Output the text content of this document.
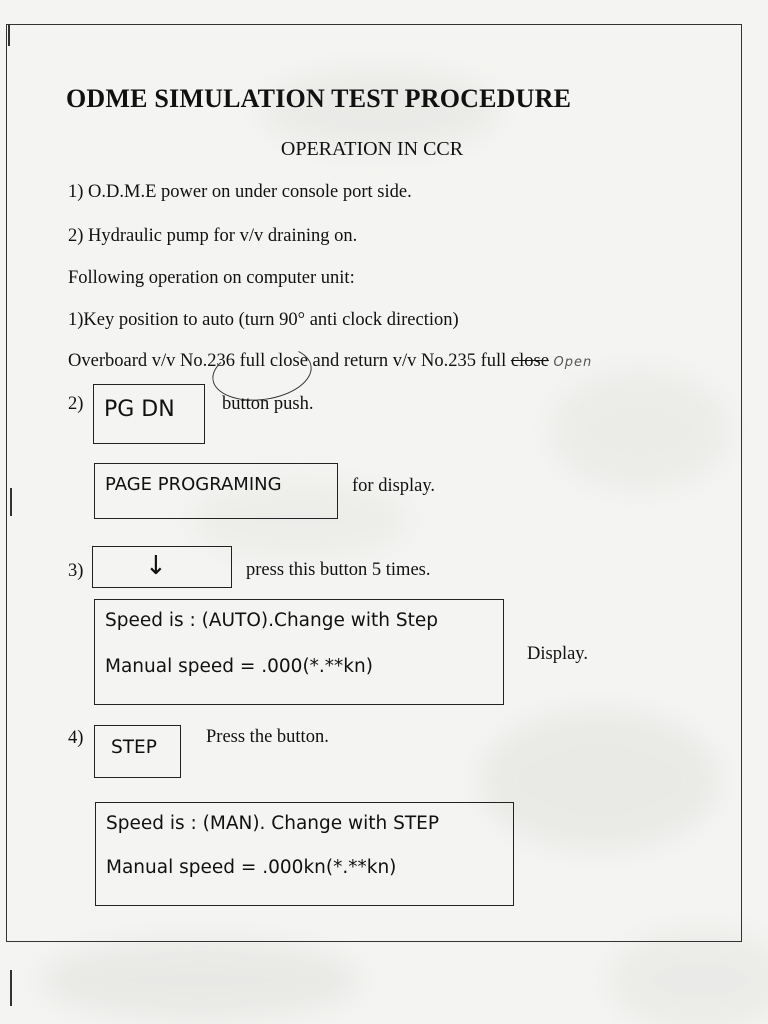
ODME SIMULATION TEST PROCEDURE
OPERATION IN CCR
1) O.D.M.E power on under console port side.
2) Hydraulic pump for v/v draining on.
Following operation on computer unit:
1)Key position to auto (turn 90° anti clock direction)
Overboard v/v No.236 full close and return v/v No.235 full close Open
2) PG DN	button push.
PAGE PROGRAMING	for display.
3) ↓	press this button 5 times.
Speed is : (AUTO).Change with Step
Manual speed = .000(*.**kn)
Display.
4) STEP	Press the button.
Speed is : (MAN). Change with STEP
Manual speed = .000kn(*.**kn)
